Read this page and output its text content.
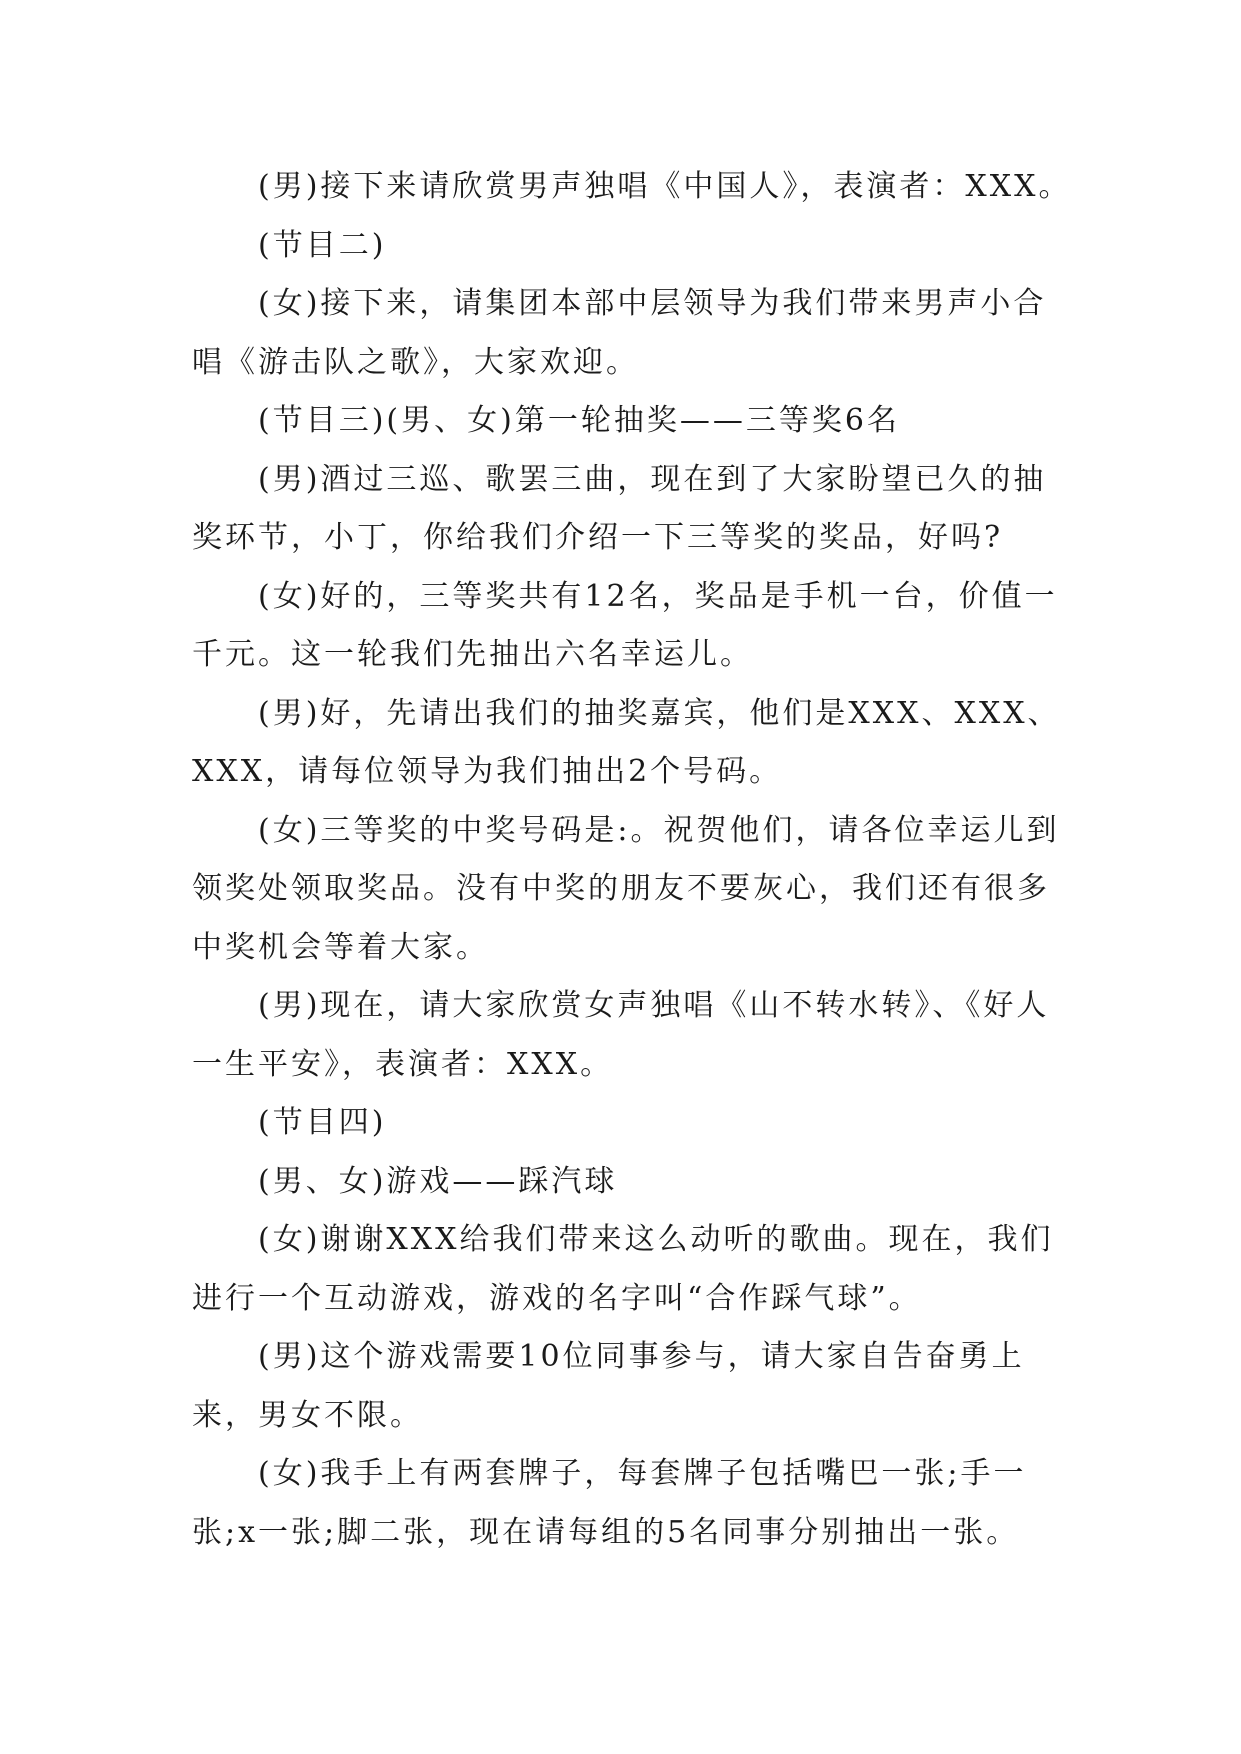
(男)接下来请欣赏男声独唱《中国人》，表演者：XXX。

(节目二)

(女)接下来，请集团本部中层领导为我们带来男声小合唱《游击队之歌》，大家欢迎。

(节目三)(男、女)第一轮抽奖——三等奖6名

(男)酒过三巡、歌罢三曲，现在到了大家盼望已久的抽奖环节，小丁，你给我们介绍一下三等奖的奖品，好吗?

(女)好的，三等奖共有12名，奖品是手机一台，价值一千元。这一轮我们先抽出六名幸运儿。

(男)好，先请出我们的抽奖嘉宾，他们是XXX、XXX、XXX，请每位领导为我们抽出2个号码。

(女)三等奖的中奖号码是:。祝贺他们，请各位幸运儿到领奖处领取奖品。没有中奖的朋友不要灰心，我们还有很多中奖机会等着大家。

(男)现在，请大家欣赏女声独唱《山不转水转》、《好人一生平安》，表演者：XXX。

(节目四)

(男、女)游戏——踩汽球

(女)谢谢XXX给我们带来这么动听的歌曲。现在，我们进行一个互动游戏，游戏的名字叫“合作踩气球”。

(男)这个游戏需要10位同事参与，请大家自告奋勇上来，男女不限。

(女)我手上有两套牌子，每套牌子包括嘴巴一张;手一张;x一张;脚二张，现在请每组的5名同事分别抽出一张。
